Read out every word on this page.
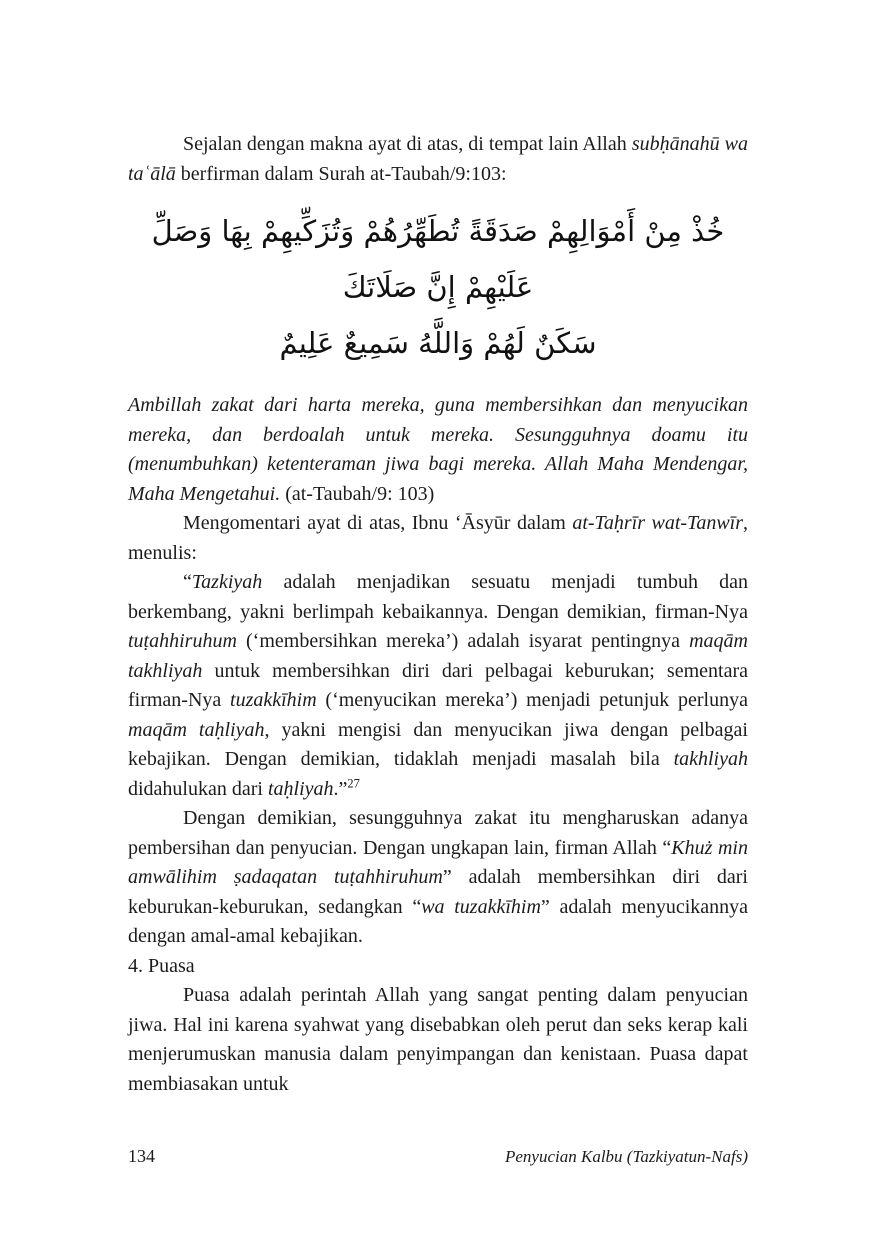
Sejalan dengan makna ayat di atas, di tempat lain Allah subḥānahū wa taʿālā berfirman dalam Surah at-Taubah/9:103:

خُذْ مِنْ أَمْوَالِهِمْ صَدَقَةً تُطَهِّرُهُمْ وَتُزَكِّيهِمْ بِهَا وَصَلِّ عَلَيْهِمْ إِنَّ صَلَاتَكَ
سَكَنٌ لَهُمْ وَاللَّهُ سَمِيعٌ عَلِيمٌ

Ambillah zakat dari harta mereka, guna membersihkan dan menyucikan mereka, dan berdoalah untuk mereka. Sesungguhnya doamu itu (menumbuhkan) ketenteraman jiwa bagi mereka. Allah Maha Mendengar, Maha Mengetahui. (at-Taubah/9: 103)

Mengomentari ayat di atas, Ibnu ‘Āsyūr dalam at-Taḥrīr wat-Tanwīr, menulis:

“Tazkiyah adalah menjadikan sesuatu menjadi tumbuh dan berkembang, yakni berlimpah kebaikannya. Dengan demikian, firman-Nya tuṭahhiruhum (‘membersihkan mereka’) adalah isyarat pentingnya maqām takhliyah untuk membersihkan diri dari pelbagai keburukan; sementara firman-Nya tuzakkīhim (‘menyucikan mereka’) menjadi petunjuk perlunya maqām taḥliyah, yakni mengisi dan menyucikan jiwa dengan pelbagai kebajikan. Dengan demikian, tidaklah menjadi masalah bila takhliyah didahulukan dari taḥliyah.”$^{27}$

Dengan demikian, sesungguhnya zakat itu mengharuskan adanya pembersihan dan penyucian. Dengan ungkapan lain, firman Allah “Khuż min amwālihim ṣadaqatan tuṭahhiruhum” adalah membersihkan diri dari keburukan-keburukan, sedangkan “wa tuzakkīhim” adalah menyucikannya dengan amal-amal kebajikan.

4. Puasa

Puasa adalah perintah Allah yang sangat penting dalam penyucian jiwa. Hal ini karena syahwat yang disebabkan oleh perut dan seks kerap kali menjerumuskan manusia dalam penyimpangan dan kenistaan. Puasa dapat membiasakan untuk

134	Penyucian Kalbu (Tazkiyatun-Nafs)
